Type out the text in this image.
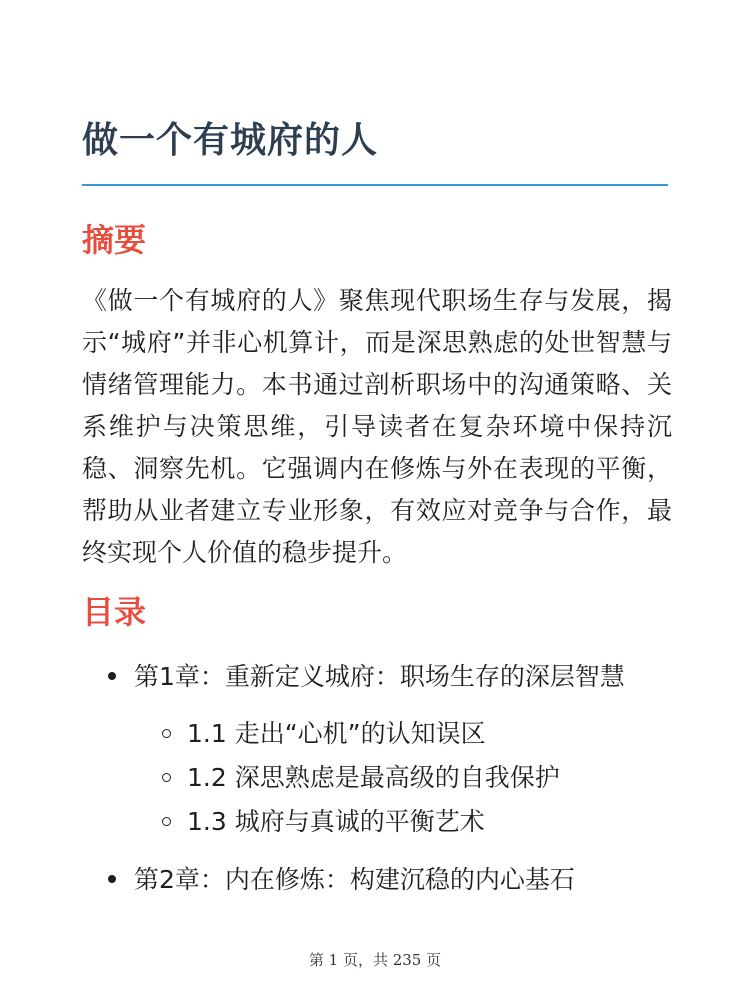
做一个有城府的人
摘要

《做一个有城府的人》聚焦现代职场生存与发展，揭示“城府”并非心机算计，而是深思熟虑的处世智慧与情绪管理能力。本书通过剖析职场中的沟通策略、关系维护与决策思维，引导读者在复杂环境中保持沉稳、洞察先机。它强调内在修炼与外在表现的平衡，帮助从业者建立专业形象，有效应对竞争与合作，最终实现个人价值的稳步提升。

目录
第1章：重新定义城府：职场生存的深层智慧
1.1 走出“心机”的认知误区
1.2 深思熟虑是最高级的自我保护
1.3 城府与真诚的平衡艺术
第2章：内在修炼：构建沉稳的内心基石
第 1 页，共 235 页
